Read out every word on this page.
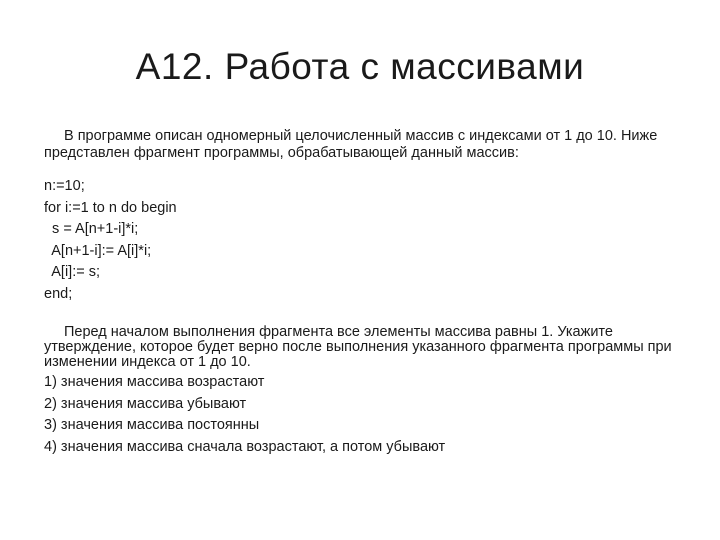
А12. Работа с массивами

В программе описан одномерный целочисленный массив с индексами от 1 до 10. Ниже представлен фрагмент программы, обрабатывающей данный массив:

n:=10;
for i:=1 to n do begin
s = A[n+1-i]*i;
A[n+1-i]:= A[i]*i;
A[i]:= s;
end;

Перед началом выполнения фрагмента все элементы массива равны 1. Укажите утверждение, которое будет верно после выполнения указанного фрагмента программы при изменении индекса от 1 до 10.

1) значения массива возрастают
2) значения массива убывают
3) значения массива постоянны
4) значения массива сначала возрастают, а потом убывают
